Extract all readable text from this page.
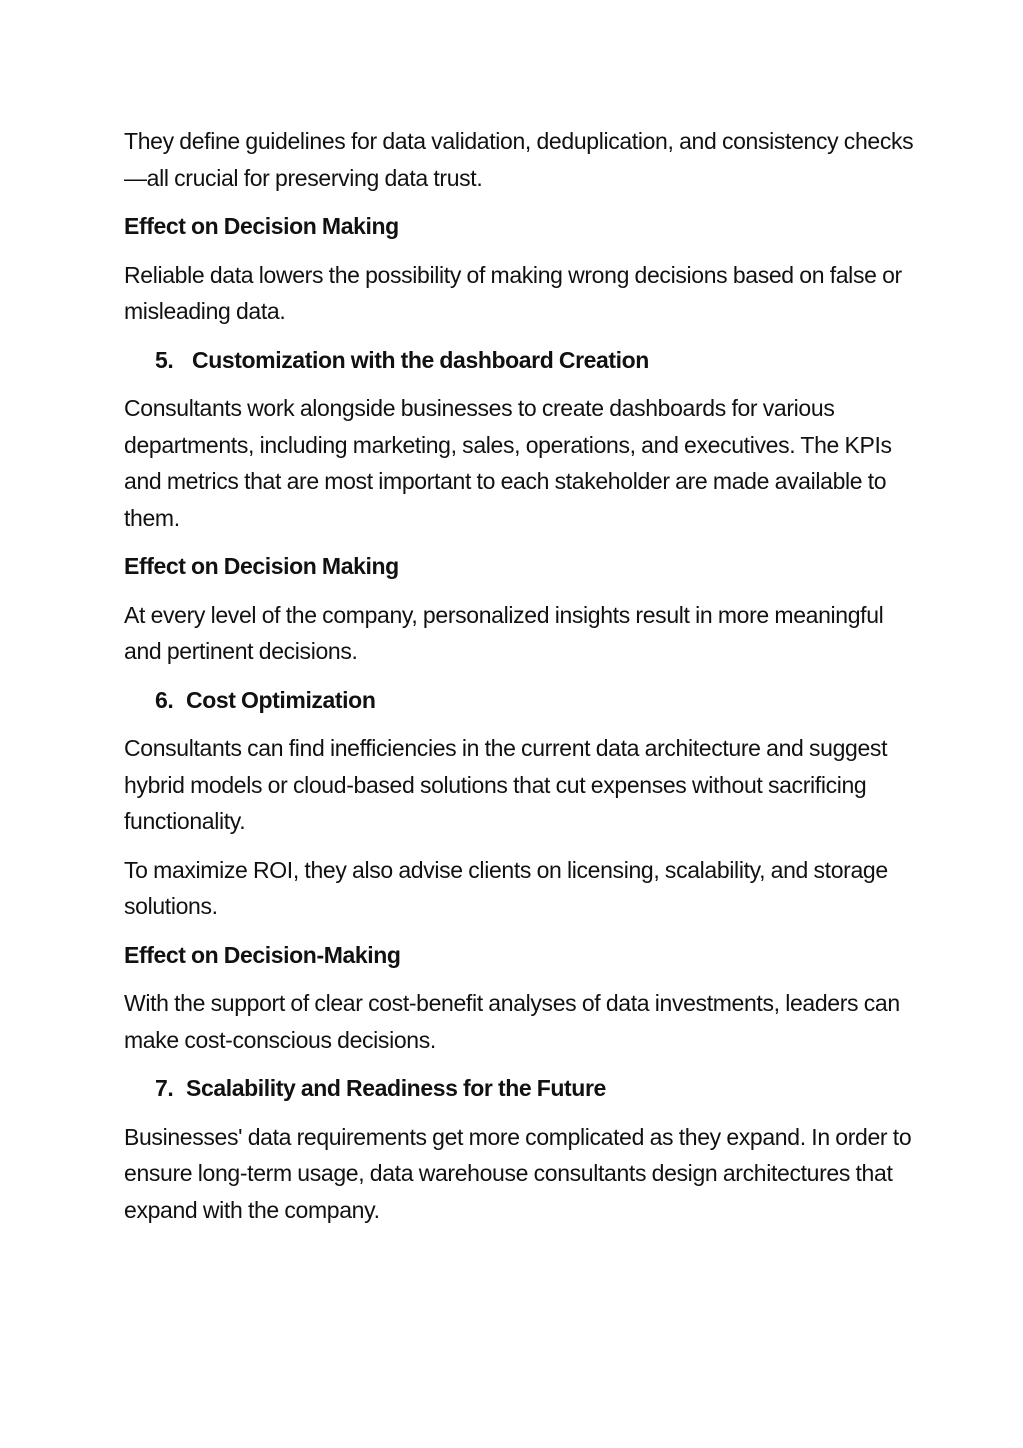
They define guidelines for data validation, deduplication, and consistency checks—all crucial for preserving data trust.

Effect on Decision Making

Reliable data lowers the possibility of making wrong decisions based on false or misleading data.

5. Customization with the dashboard Creation

Consultants work alongside businesses to create dashboards for various departments, including marketing, sales, operations, and executives. The KPIs and metrics that are most important to each stakeholder are made available to them.

Effect on Decision Making

At every level of the company, personalized insights result in more meaningful and pertinent decisions.

6. Cost Optimization

Consultants can find inefficiencies in the current data architecture and suggest hybrid models or cloud-based solutions that cut expenses without sacrificing functionality.

To maximize ROI, they also advise clients on licensing, scalability, and storage solutions.

Effect on Decision-Making

With the support of clear cost-benefit analyses of data investments, leaders can make cost-conscious decisions.

7. Scalability and Readiness for the Future

Businesses' data requirements get more complicated as they expand. In order to ensure long-term usage, data warehouse consultants design architectures that expand with the company.
